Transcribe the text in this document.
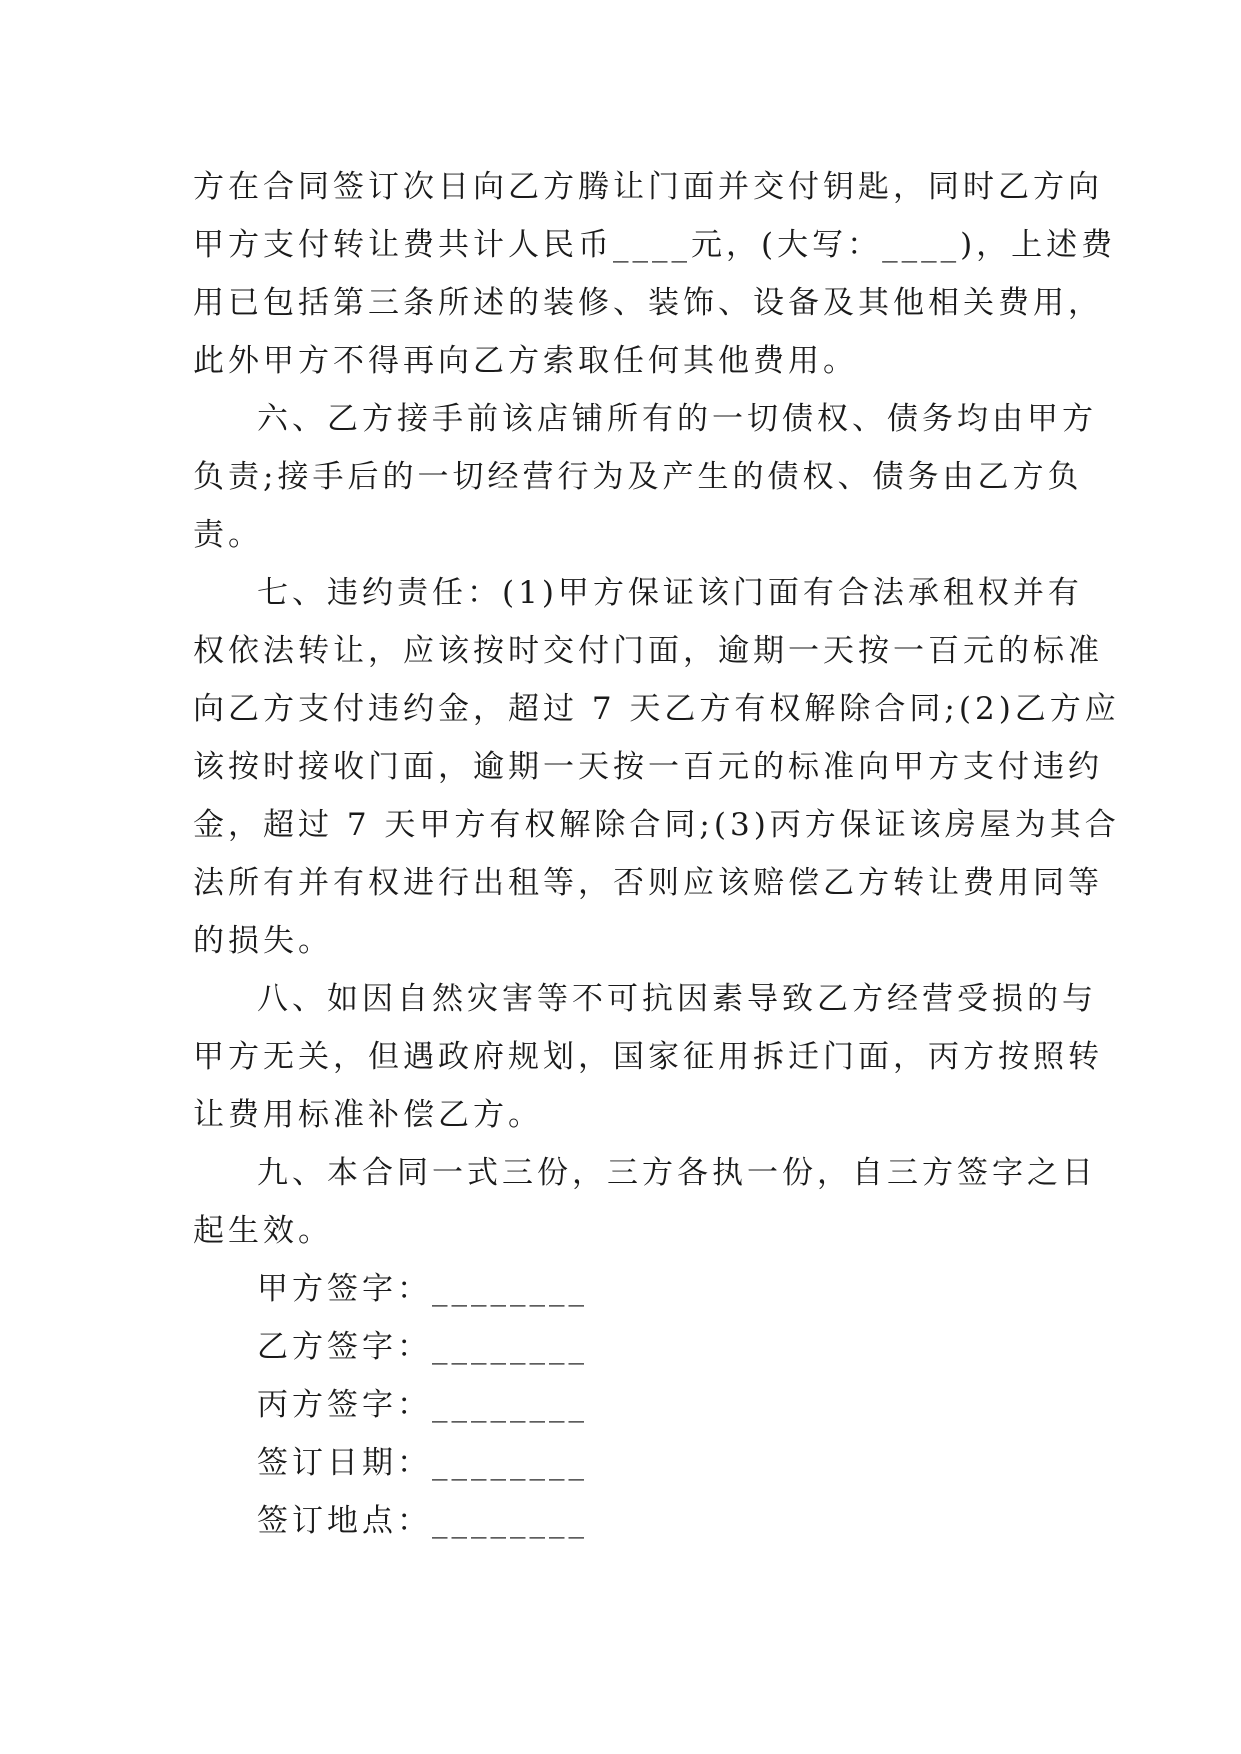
方在合同签订次日向乙方腾让门面并交付钥匙，同时乙方向
甲方支付转让费共计人民币____元，(大写：____)，上述费
用已包括第三条所述的装修、装饰、设备及其他相关费用，
此外甲方不得再向乙方索取任何其他费用。
六、乙方接手前该店铺所有的一切债权、债务均由甲方
负责;接手后的一切经营行为及产生的债权、债务由乙方负
责。
七、违约责任：(1)甲方保证该门面有合法承租权并有
权依法转让，应该按时交付门面，逾期一天按一百元的标准
向乙方支付违约金，超过 7 天乙方有权解除合同;(2)乙方应
该按时接收门面，逾期一天按一百元的标准向甲方支付违约
金，超过 7 天甲方有权解除合同;(3)丙方保证该房屋为其合
法所有并有权进行出租等，否则应该赔偿乙方转让费用同等
的损失。
八、如因自然灾害等不可抗因素导致乙方经营受损的与
甲方无关，但遇政府规划，国家征用拆迁门面，丙方按照转
让费用标准补偿乙方。
九、本合同一式三份，三方各执一份，自三方签字之日
起生效。
甲方签字：________
乙方签字：________
丙方签字：________
签订日期：________
签订地点：________
